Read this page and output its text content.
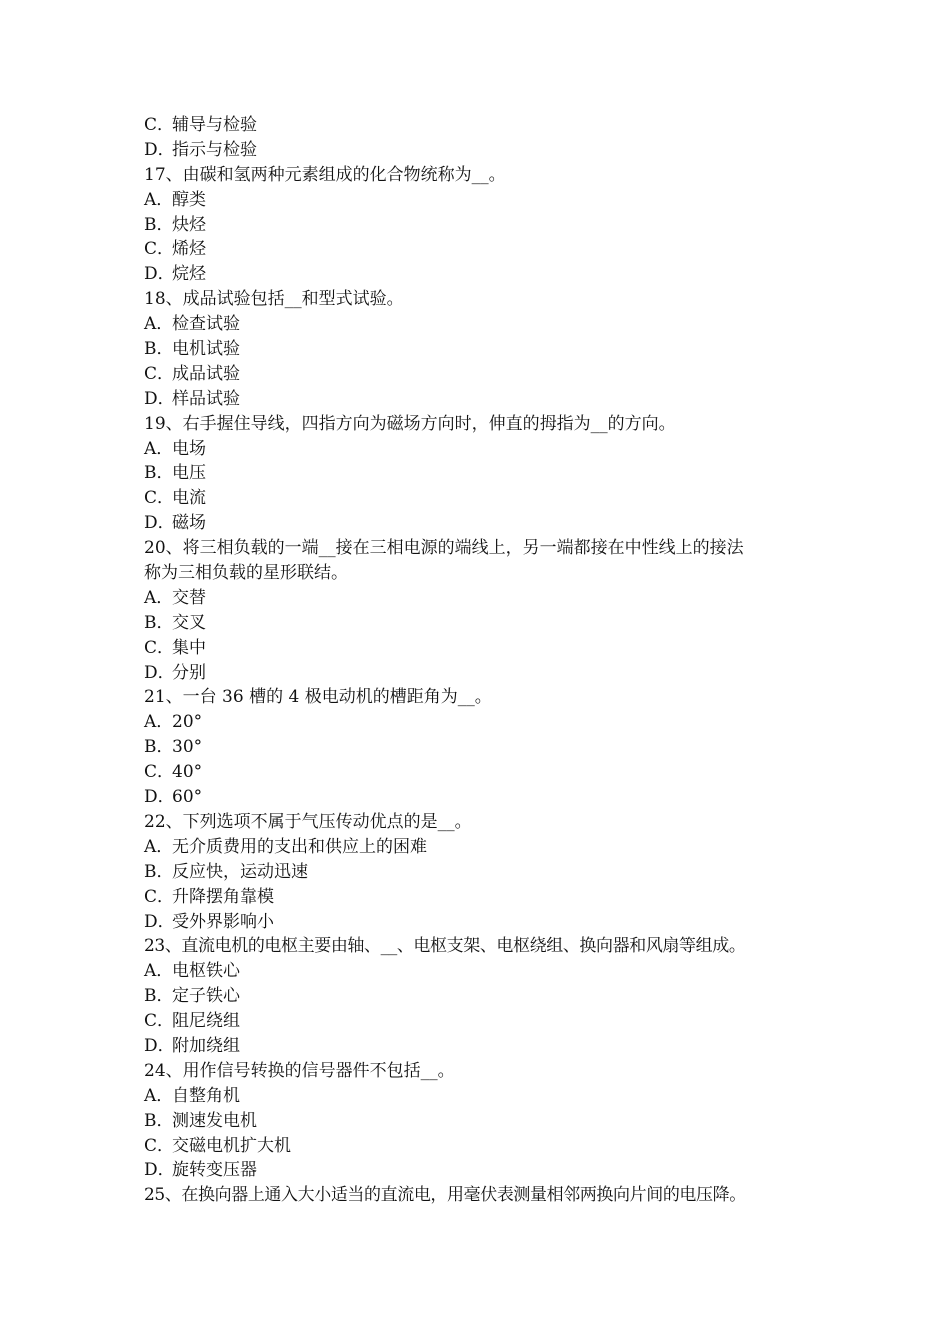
C．辅导与检验
D．指示与检验
17、由碳和氢两种元素组成的化合物统称为__。
A．醇类
B．炔烃
C．烯烃
D．烷烃
18、成品试验包括__和型式试验。
A．检查试验
B．电机试验
C．成品试验
D．样品试验
19、右手握住导线，四指方向为磁场方向时，伸直的拇指为__的方向。
A．电场
B．电压
C．电流
D．磁场
20、将三相负载的一端__接在三相电源的端线上，另一端都接在中性线上的接法
称为三相负载的星形联结。
A．交替
B．交叉
C．集中
D．分别
21、一台 36 槽的 4 极电动机的槽距角为__。
A．20°
B．30°
C．40°
D．60°
22、下列选项不属于气压传动优点的是__。
A．无介质费用的支出和供应上的困难
B．反应快，运动迅速
C．升降摆角靠模
D．受外界影响小
23、直流电机的电枢主要由轴、__、电枢支架、电枢绕组、换向器和风扇等组成。
A．电枢铁心
B．定子铁心
C．阻尼绕组
D．附加绕组
24、用作信号转换的信号器件不包括__。
A．自整角机
B．测速发电机
C．交磁电机扩大机
D．旋转变压器
25、在换向器上通入大小适当的直流电，用毫伏表测量相邻两换向片间的电压降。
